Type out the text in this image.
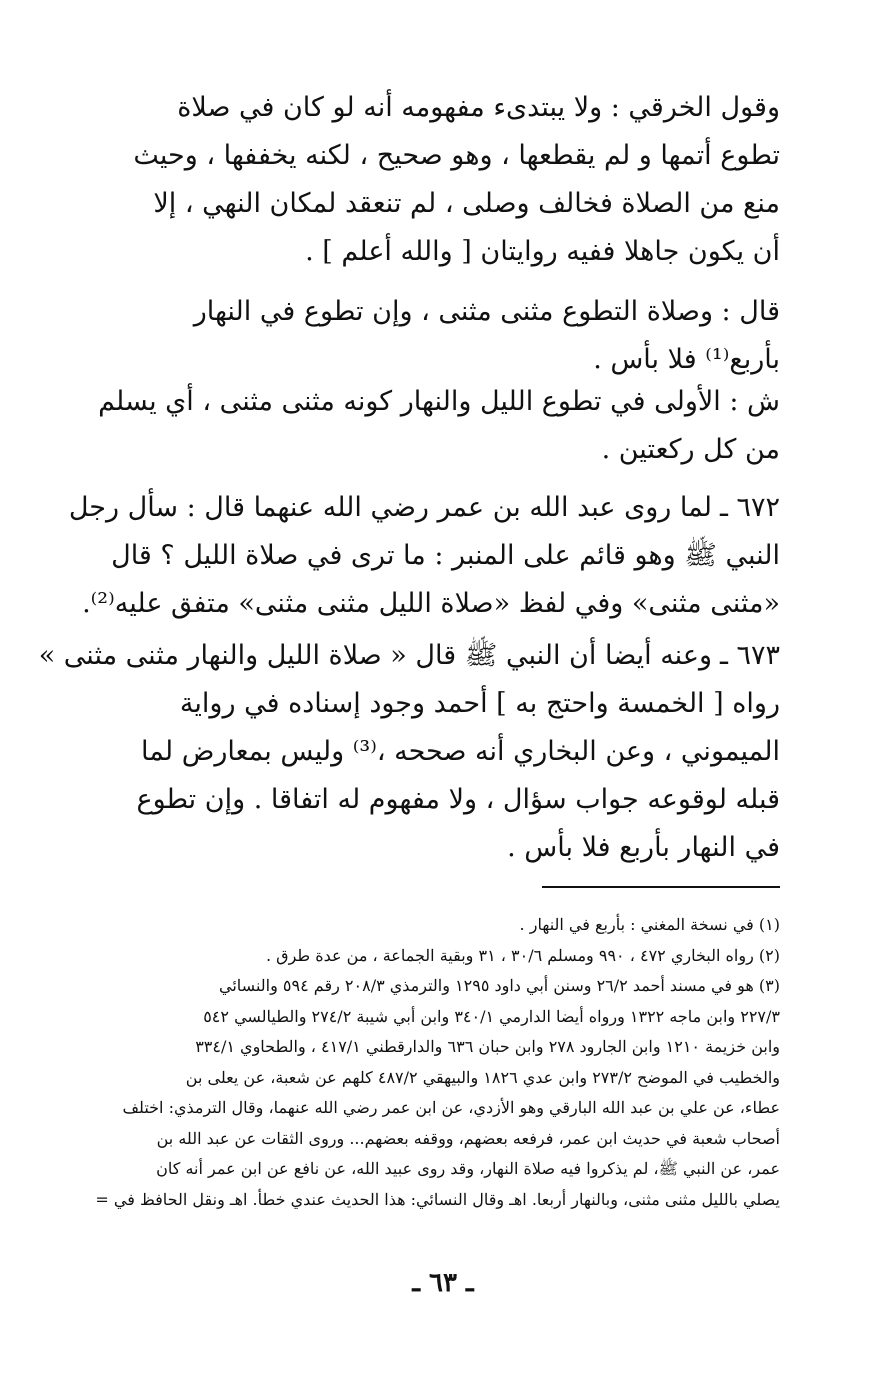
وقول الخرقي : ولا يبتدىء مفهومه أنه لو كان في صلاة
تطوع أتمها و لم يقطعها ، وهو صحيح ، لكنه يخففها ، وحيث
منع من الصلاة فخالف وصلى ، لم تنعقد لمكان النهي ، إلا
أن يكون جاهلا ففيه روايتان [ والله أعلم ] .
قال : وصلاة التطوع مثنى مثنى ، وإن تطوع في النهار
بأربع⁽¹⁾ فلا بأس .
ش : الأولى في تطوع الليل والنهار كونه مثنى مثنى ، أي يسلم
من كل ركعتين .
٦٧٢ ـلما روى عبد الله بن عمر رضي الله عنهما قال : سأل رجل
النبي ﷺ وهو قائم على المنبر : ما ترى في صلاة الليل ؟ قال
«مثنى مثنى» وفي لفظ «صلاة الليل مثنى مثنى» متفق عليه⁽²⁾.
٦٧٣ ـوعنه أيضا أن النبي ﷺ قال « صلاة الليل والنهار مثنى مثنى »
رواه [ الخمسة واحتج به ] أحمد وجود إسناده في رواية
الميموني ، وعن البخاري أنه صححه ،⁽³⁾ وليس بمعارض لما
قبله لوقوعه جواب سؤال ، ولا مفهوم له اتفاقا . وإن تطوع
في النهار بأربع فلا بأس .
(١) في نسخة المغني : بأربع في النهار .
(٢) رواه البخاري ٤٧٢ ، ٩٩٠ ومسلم ٣٠/٦ ، ٣١ وبقية الجماعة ، من عدة طرق .
(٣) هو في مسند أحمد ٢٦/٢ وسنن أبي داود ١٢٩٥ والترمذي ٢٠٨/٣ رقم ٥٩٤ والنسائي
٢٢٧/٣ وابن ماجه ١٣٢٢ ورواه أيضا الدارمي ٣٤٠/١ وابن أبي شيبة ٢٧٤/٢ والطيالسي ٥٤٢
وابن خزيمة ١٢١٠ وابن الجارود ٢٧٨ وابن حبان ٦٣٦ والدارقطني ٤١٧/١ ، والطحاوي ٣٣٤/١
والخطيب في الموضح ٢٧٣/٢ وابن عدي ١٨٢٦ والبيهقي ٤٨٧/٢ كلهم عن شعبة، عن يعلى بن
عطاء، عن علي بن عبد الله البارقي وهو الأزدي، عن ابن عمر رضي الله عنهما، وقال الترمذي: اختلف
أصحاب شعبة في حديث ابن عمر، فرفعه بعضهم، ووقفه بعضهم... وروى الثقات عن عبد الله بن
عمر، عن النبي ﷺ، لم يذكروا فيه صلاة النهار، وقد روى عبيد الله، عن نافع عن ابن عمر أنه كان
يصلي بالليل مثنى مثنى، وبالنهار أربعا. اهـ وقال النسائي: هذا الحديث عندي خطأ. اهـ ونقل الحافظ في =
ـ ٦٣ ـ
